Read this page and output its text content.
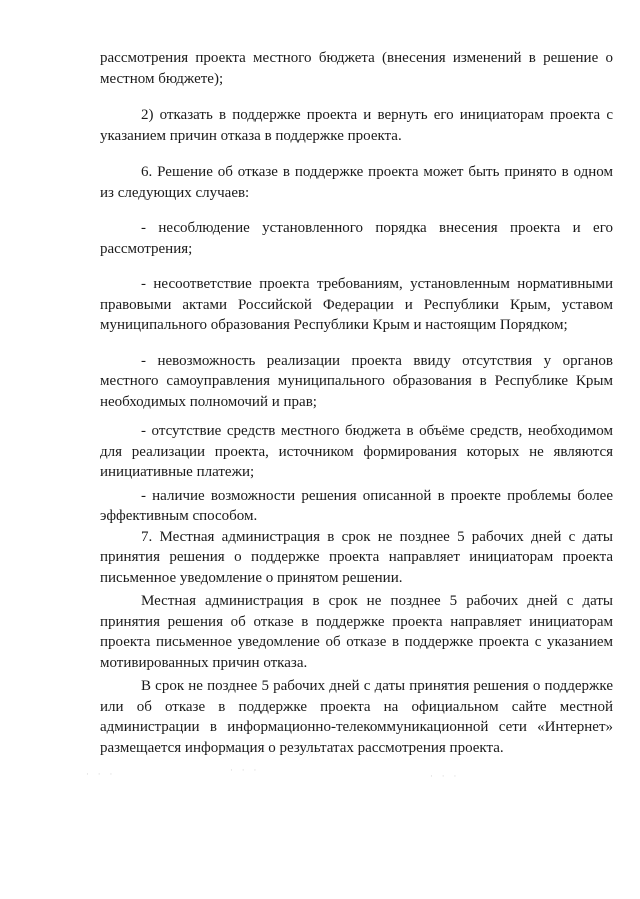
рассмотрения проекта местного бюджета (внесения изменений в решение о местном бюджете);

2) отказать в поддержке проекта и вернуть его инициаторам проекта с указанием причин отказа в поддержке проекта.

6. Решение об отказе в поддержке проекта может быть принято в одном из следующих случаев:

- несоблюдение установленного порядка внесения проекта и его рассмотрения;

- несоответствие проекта требованиям, установленным нормативными правовыми актами Российской Федерации и Республики Крым, уставом муниципального образования Республики Крым и настоящим Порядком;

- невозможность реализации проекта ввиду отсутствия у органов местного самоуправления муниципального образования в Республике Крым необходимых полномочий и прав;

- отсутствие средств местного бюджета в объёме средств, необходимом для реализации проекта, источником формирования которых не являются инициативные платежи;

- наличие возможности решения описанной в проекте проблемы более эффективным способом.

7. Местная администрация в срок не позднее 5 рабочих дней с даты принятия решения о поддержке проекта направляет инициаторам проекта письменное уведомление о принятом решении.

Местная администрация в срок не позднее 5 рабочих дней с даты принятия решения об отказе в поддержке проекта направляет инициаторам проекта письменное уведомление об отказе в поддержке проекта с указанием мотивированных причин отказа.

В срок не позднее 5 рабочих дней с даты принятия решения о поддержке или об отказе в поддержке проекта на официальном сайте местной администрации в информационно-телекоммуникационной сети «Интернет» размещается информация о результатах рассмотрения проекта.

· · ·	· · ·
· · ·
